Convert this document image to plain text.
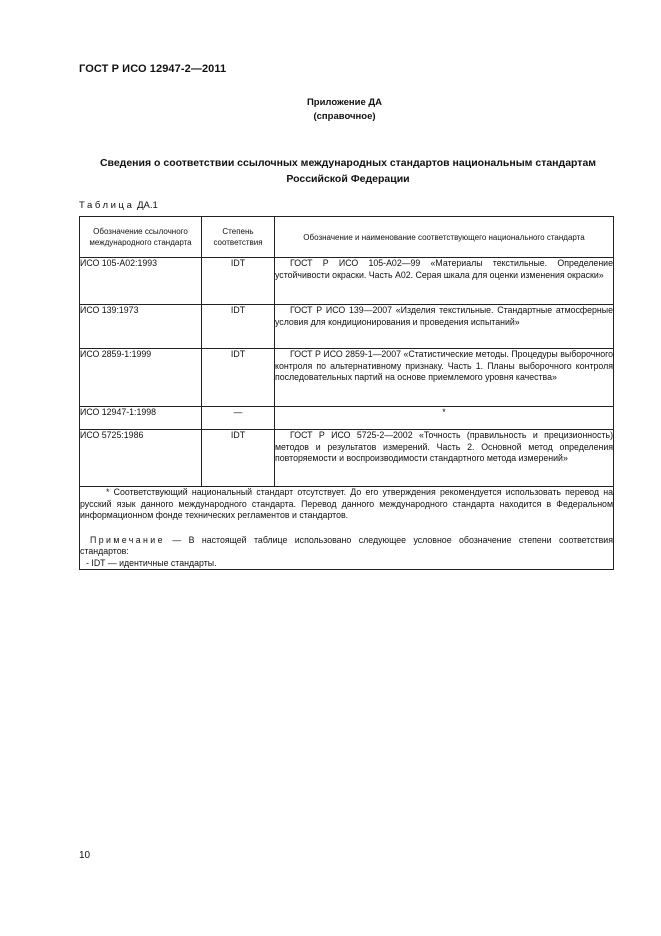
ГОСТ Р ИСО 12947-2—2011
Приложение ДА
(справочное)
Сведения о соответствии ссылочных международных стандартов национальным стандартам Российской Федерации
Таблица ДА.1
Обозначение ссылочного международного стандарта	Степень соответствия	Обозначение и наименование соответствующего национального стандарта
ИСО 105-А02:1993	IDT	ГОСТ Р ИСО 105-А02—99 «Материалы текстильные. Определение устойчивости окраски. Часть А02. Серая шкала для оценки изменения окраски»
ИСО 139:1973	IDT	ГОСТ Р ИСО 139—2007 «Изделия текстильные. Стандартные атмосферные условия для кондиционирования и проведения испытаний»
ИСО 2859-1:1999	IDT	ГОСТ Р ИСО 2859-1—2007 «Статистические методы. Процедуры выборочного контроля по альтернативному признаку. Часть 1. Планы выборочного контроля последовательных партий на основе приемлемого уровня качества»
ИСО 12947-1:1998	—	*
ИСО 5725:1986	IDT	ГОСТ Р ИСО 5725-2—2002 «Точность (правильность и прецизионность) методов и результатов измерений. Часть 2. Основной метод определения повторяемости и воспроизводимости стандартного метода измерений»

* Соответствующий национальный стандарт отсутствует. До его утверждения рекомендуется использовать перевод на русский язык данного международного стандарта. Перевод данного международного стандарта находится в Федеральном информационном фонде технических регламентов и стандартов.
Примечание — В настоящей таблице использовано следующее условное обозначение степени соответствия стандартов:
- IDT — идентичные стандарты.		
10
